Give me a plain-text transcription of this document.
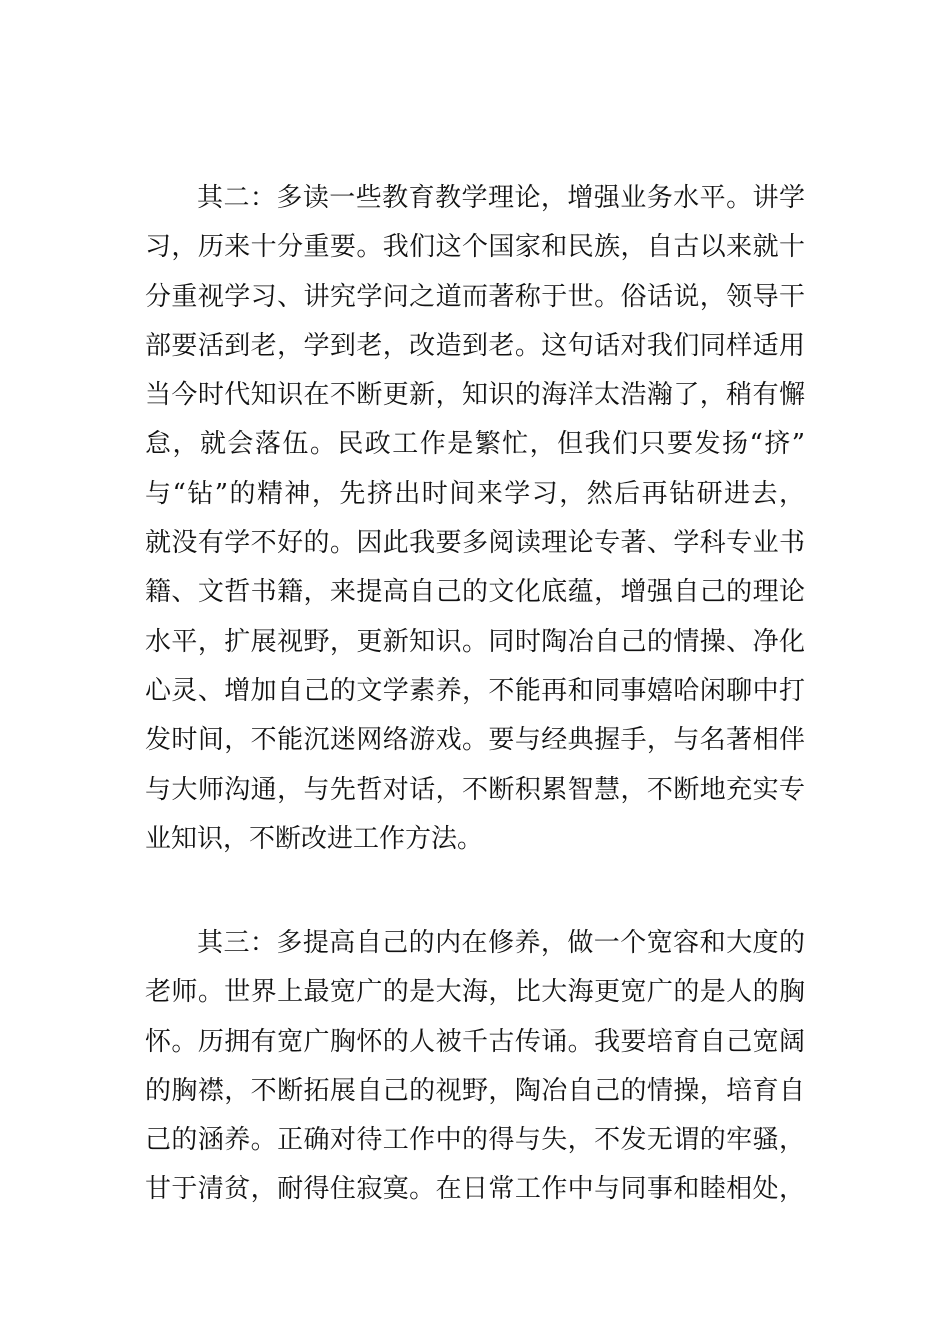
其二：多读一些教育教学理论，增强业务水平。讲学
习，历来十分重要。我们这个国家和民族，自古以来就十
分重视学习、讲究学问之道而著称于世。俗话说，领导干
部要活到老，学到老，改造到老。这句话对我们同样适用
当今时代知识在不断更新，知识的海洋太浩瀚了，稍有懈
怠，就会落伍。民政工作是繁忙，但我们只要发扬“挤”
与“钻”的精神，先挤出时间来学习，然后再钻研进去，
就没有学不好的。因此我要多阅读理论专著、学科专业书
籍、文哲书籍，来提高自己的文化底蕴，增强自己的理论
水平，扩展视野，更新知识。同时陶冶自己的情操、净化
心灵、增加自己的文学素养，不能再和同事嬉哈闲聊中打
发时间，不能沉迷网络游戏。要与经典握手，与名著相伴
与大师沟通，与先哲对话，不断积累智慧，不断地充实专
业知识，不断改进工作方法。
其三：多提高自己的内在修养，做一个宽容和大度的
老师。世界上最宽广的是大海，比大海更宽广的是人的胸
怀。历拥有宽广胸怀的人被千古传诵。我要培育自己宽阔
的胸襟，不断拓展自己的视野，陶冶自己的情操，培育自
己的涵养。正确对待工作中的得与失，不发无谓的牢骚，
甘于清贫，耐得住寂寞。在日常工作中与同事和睦相处，
